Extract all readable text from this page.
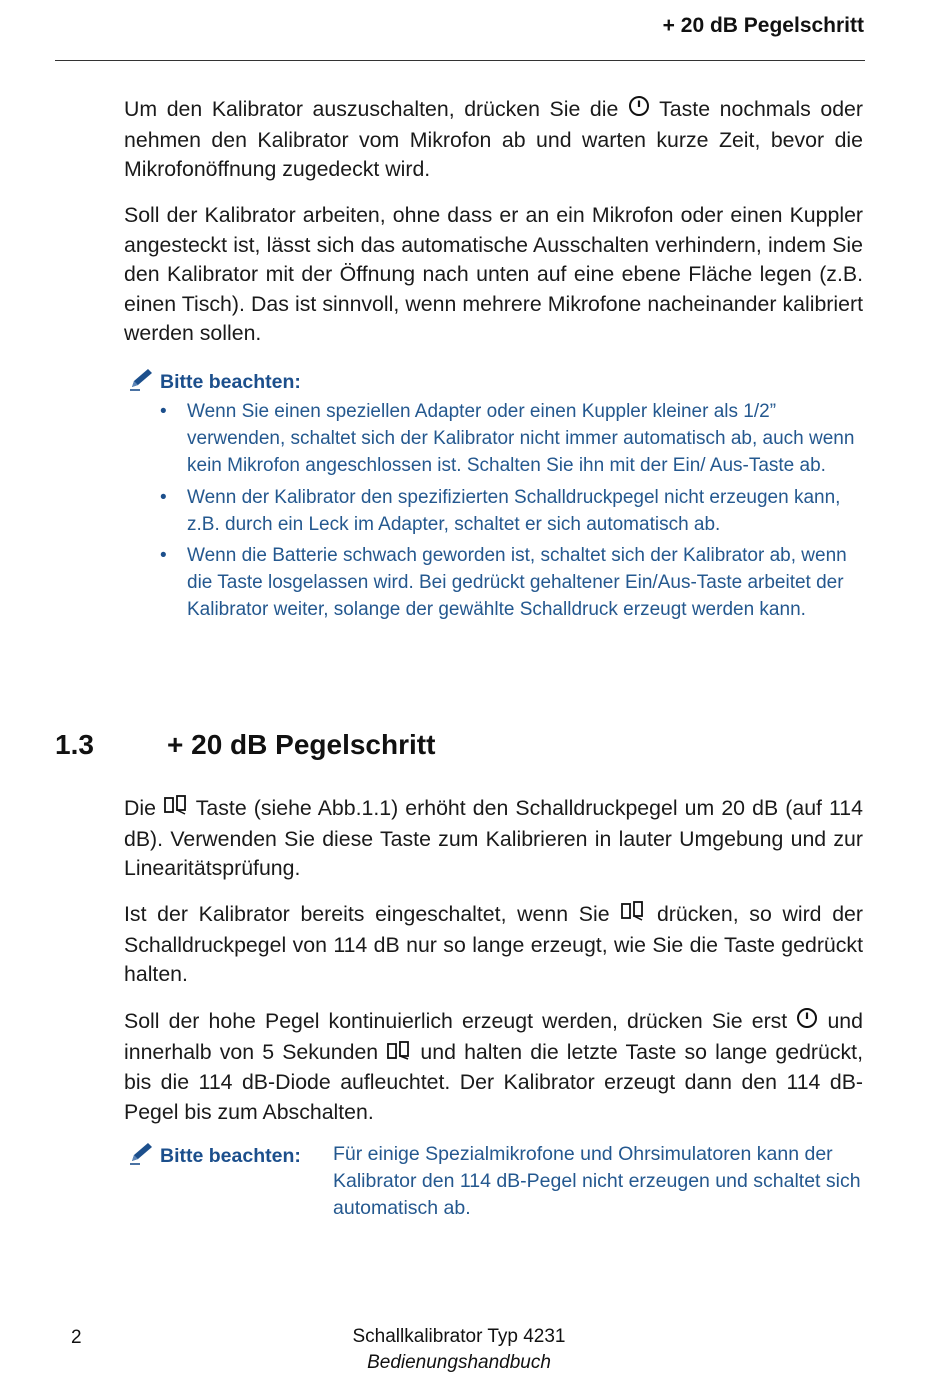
+ 20 dB Pegelschritt

Um den Kalibrator auszuschalten, drücken Sie die Taste nochmals oder nehmen den Kalibrator vom Mikrofon ab und warten kurze Zeit, bevor die Mikrofonöffnung zugedeckt wird.

Soll der Kalibrator arbeiten, ohne dass er an ein Mikrofon oder einen Kuppler angesteckt ist, lässt sich das automatische Ausschalten verhindern, indem Sie den Kalibrator mit der Öffnung nach unten auf eine ebene Fläche legen (z.B. einen Tisch). Das ist sinnvoll, wenn mehrere Mikrofone nacheinander kalibriert werden sollen.

Bitte beachten:
• Wenn Sie einen speziellen Adapter oder einen Kuppler kleiner als 1/2” verwenden, schaltet sich der Kalibrator nicht immer automatisch ab, auch wenn kein Mikrofon angeschlossen ist. Schalten Sie ihn mit der Ein/ Aus-Taste ab.
• Wenn der Kalibrator den spezifizierten Schalldruckpegel nicht erzeugen kann, z.B. durch ein Leck im Adapter, schaltet er sich automatisch ab.
• Wenn die Batterie schwach geworden ist, schaltet sich der Kalibrator ab, wenn die Taste losgelassen wird. Bei gedrückt gehaltener Ein/Aus-Taste arbeitet der Kalibrator weiter, solange der gewählte Schalldruck erzeugt werden kann.
1.3	+ 20 dB Pegelschritt

Die Taste (siehe Abb.1.1) erhöht den Schalldruckpegel um 20 dB (auf 114 dB). Verwenden Sie diese Taste zum Kalibrieren in lauter Umgebung und zur Linearitätsprüfung.

Ist der Kalibrator bereits eingeschaltet, wenn Sie drücken, so wird der Schalldruckpegel von 114 dB nur so lange erzeugt, wie Sie die Taste gedrückt halten.

Soll der hohe Pegel kontinuierlich erzeugt werden, drücken Sie erst und innerhalb von 5 Sekunden und halten die letzte Taste so lange gedrückt, bis die 114 dB-Diode aufleuchtet. Der Kalibrator erzeugt dann den 114 dB-Pegel bis zum Abschalten.

Bitte beachten: Für einige Spezialmikrofone und Ohrsimulatoren kann der Kalibrator den 114 dB-Pegel nicht erzeugen und schaltet sich automatisch ab.
2	Schallkalibrator Typ 4231
Bedienungshandbuch
